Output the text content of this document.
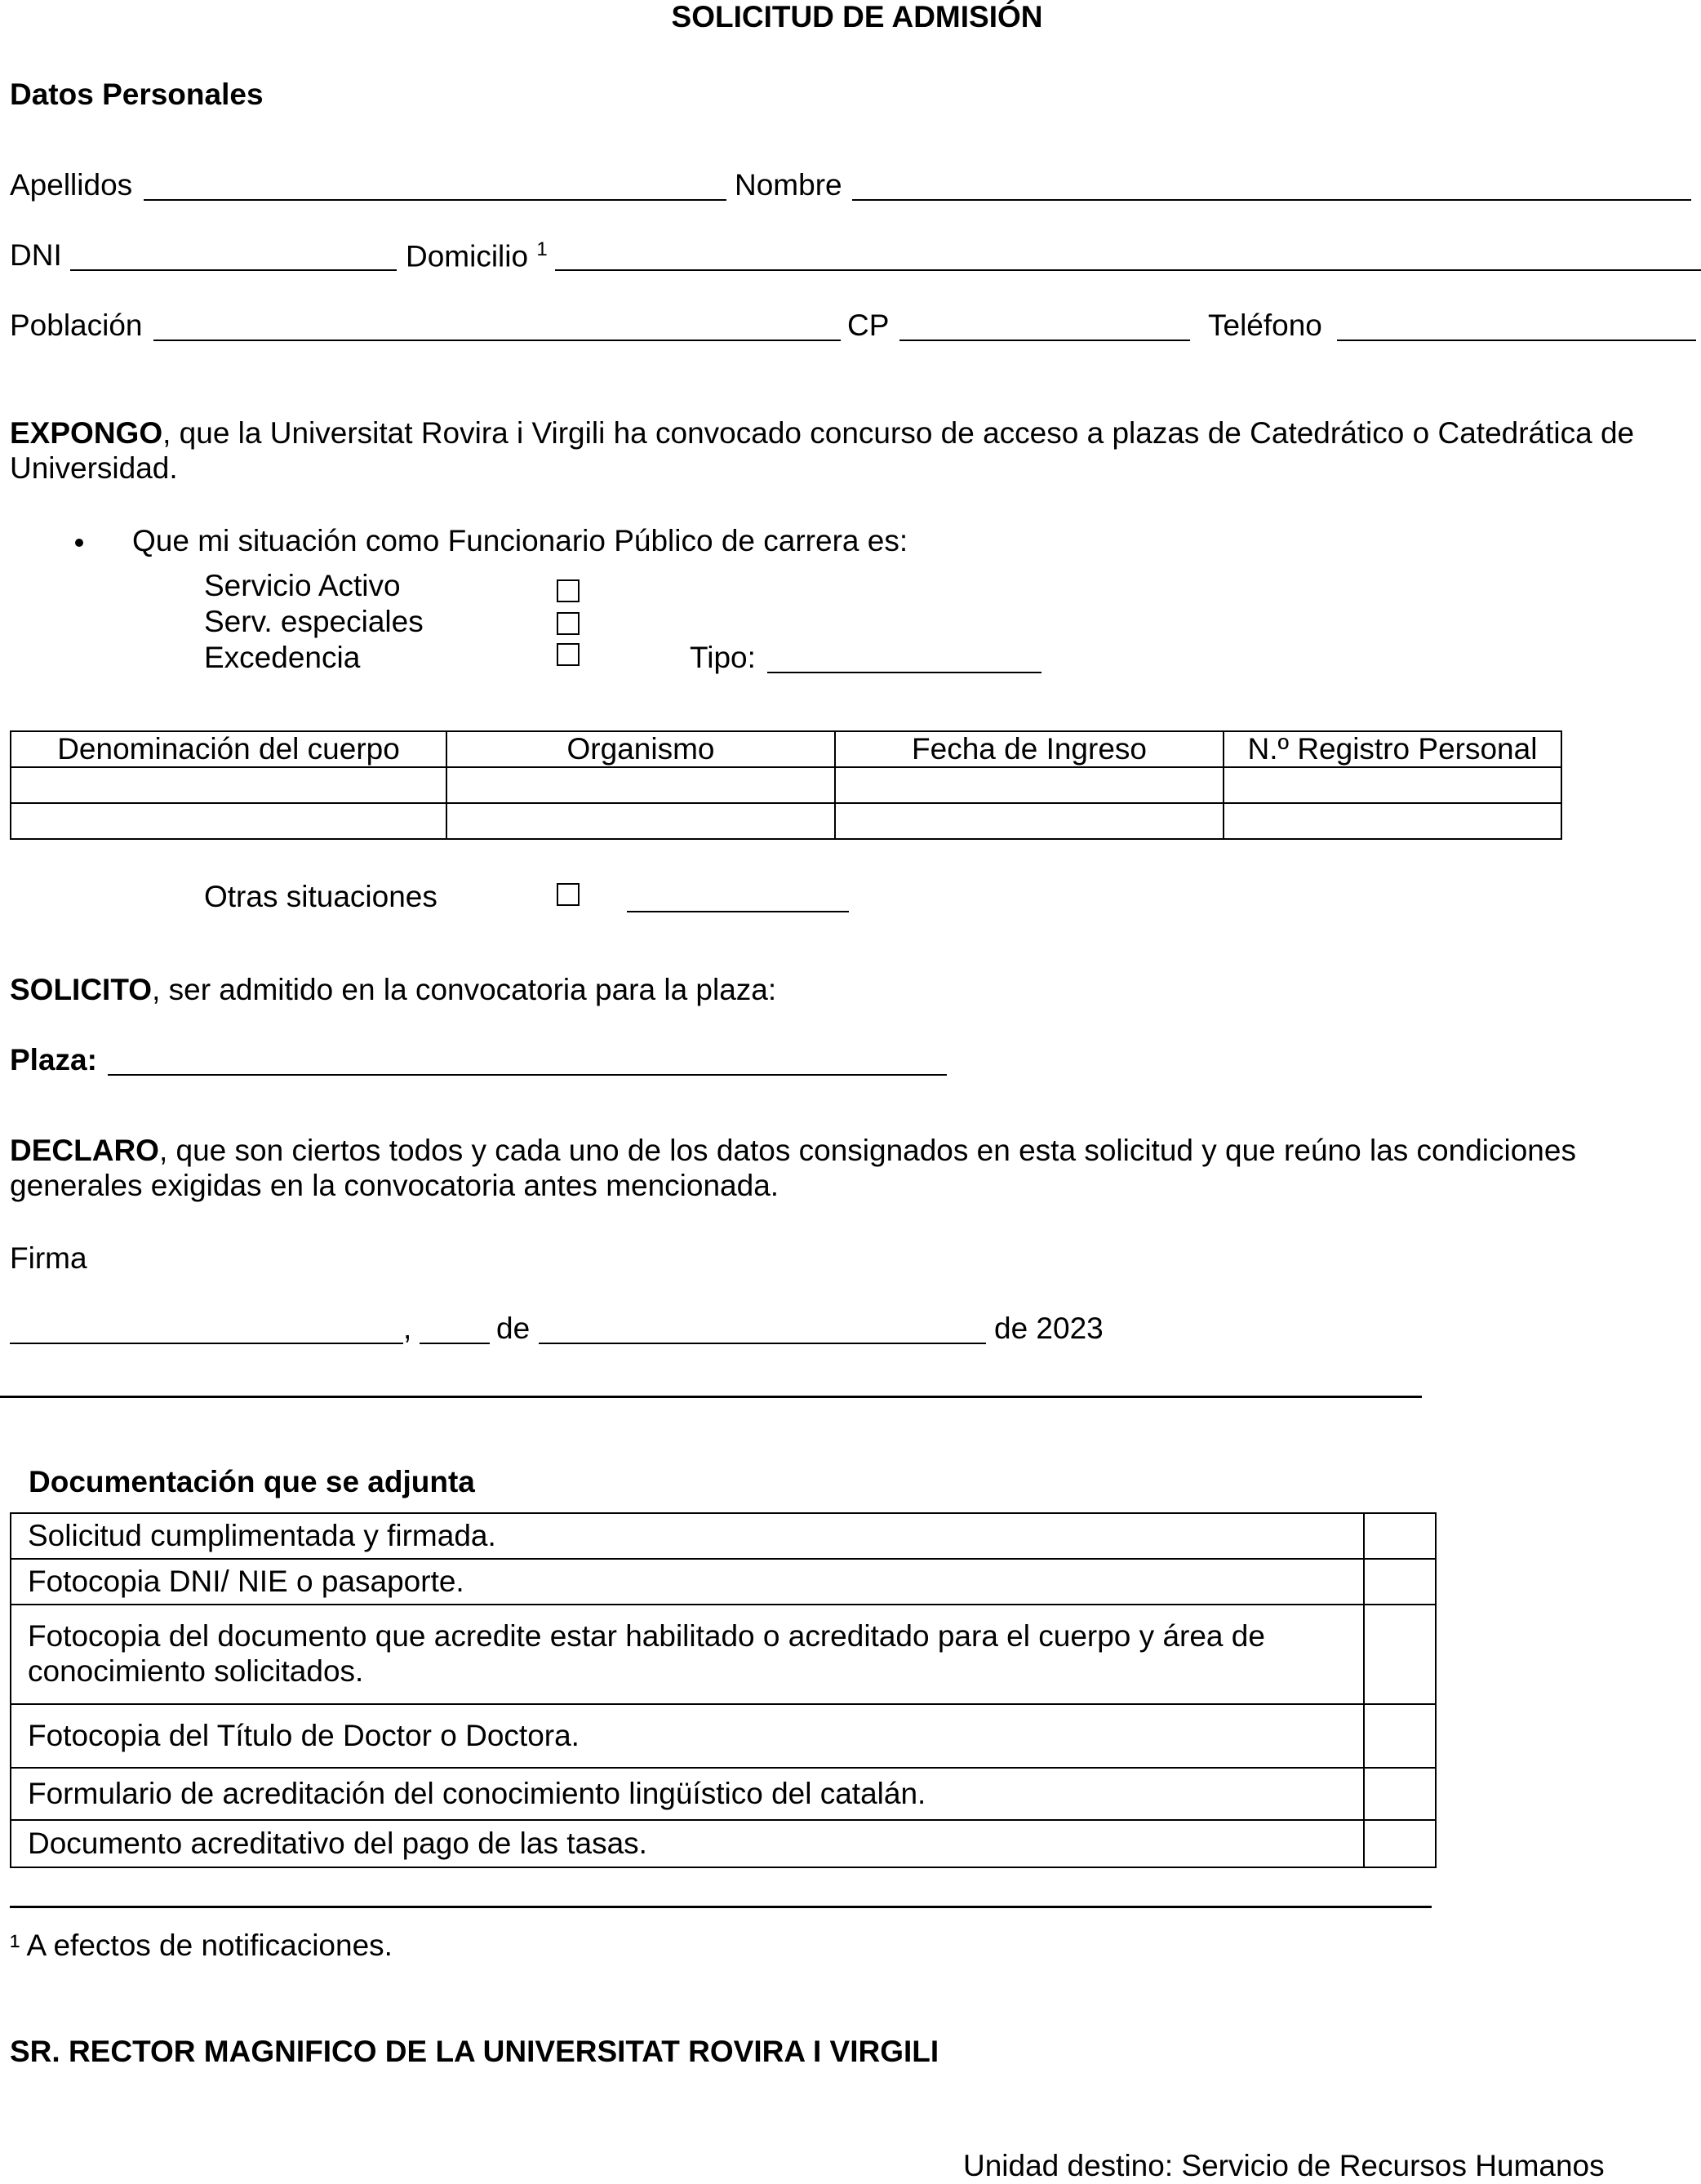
SOLICITUD DE ADMISIÓN
Datos Personales
Apellidos	Nombre
DNI	Domicilio $^1$
Población	CP	Teléfono
EXPONGO, que la Universitat Rovira i Virgili ha convocado concurso de acceso a plazas de Catedrático o Catedrática de Universidad.
Que mi situación como Funcionario Público de carrera es:
Servicio Activo
Serv. especiales
Excedencia	Tipo:
Denominación del cuerpo	Organismo	Fecha de Ingreso	N.º Registro Personal

Otras situaciones
SOLICITO, ser admitido en la convocatoria para la plaza:
Plaza:
DECLARO, que son ciertos todos y cada uno de los datos consignados en esta solicitud y que reúno las condiciones generales exigidas en la convocatoria antes mencionada.
Firma
,	de	de 2023
Documentación que se adjunta
Solicitud cumplimentada y firmada.	
Fotocopia DNI/ NIE o pasaporte.	
Fotocopia del documento que acredite estar habilitado o acreditado para el cuerpo y área de conocimiento solicitados.	
Fotocopia del Título de Doctor o Doctora.	
Formulario de acreditación del conocimiento lingüístico del catalán.	
Documento acreditativo del pago de las tasas.	
¹ A efectos de notificaciones.
SR. RECTOR MAGNIFICO DE LA UNIVERSITAT ROVIRA I VIRGILI
Unidad destino: Servicio de Recursos Humanos
